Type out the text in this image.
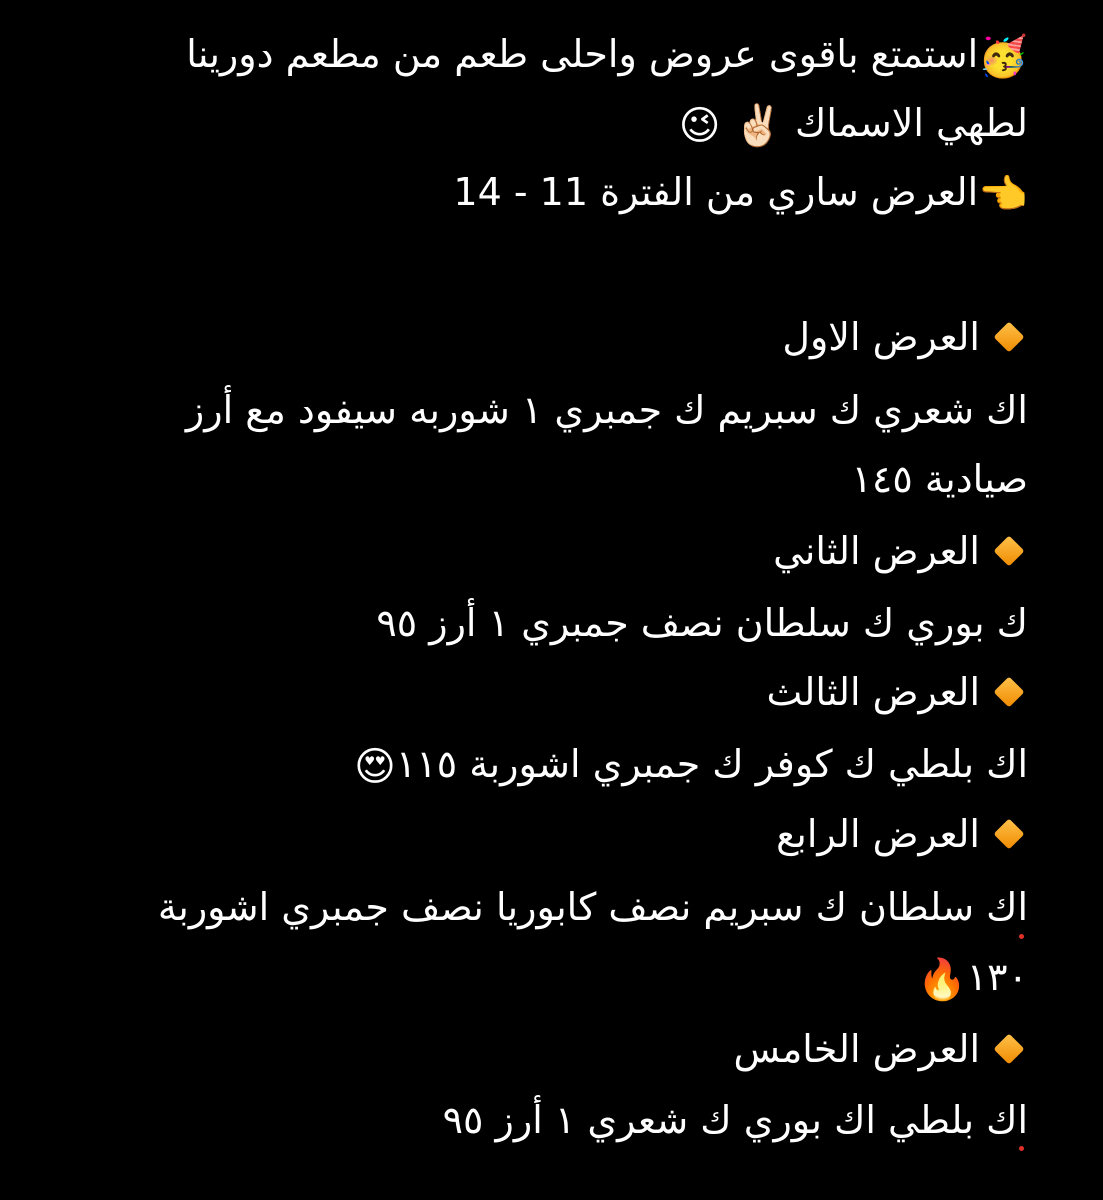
🥳استمتع باقوى عروض واحلى طعم من مطعم دورينا
لطهي الاسماك ✌🏻 😉
👈العرض ساري من الفترة 11 - 14
العرض الاول
اك شعري ك سبريم ك جمبري ١ شوربه سيفود مع أرز
صيادية ١٤٥
العرض الثاني
ك بوري ك سلطان نصف جمبري ١ أرز ٩٥
العرض الثالث
اك بلطي ك كوفر ك جمبري اشوربة ١١٥😍
العرض الرابع
اك سلطان ك سبريم نصف كابوريا نصف جمبري اشوربة
١٣٠🔥
العرض الخامس
اك بلطي اك بوري ك شعري ١ أرز ٩٥
